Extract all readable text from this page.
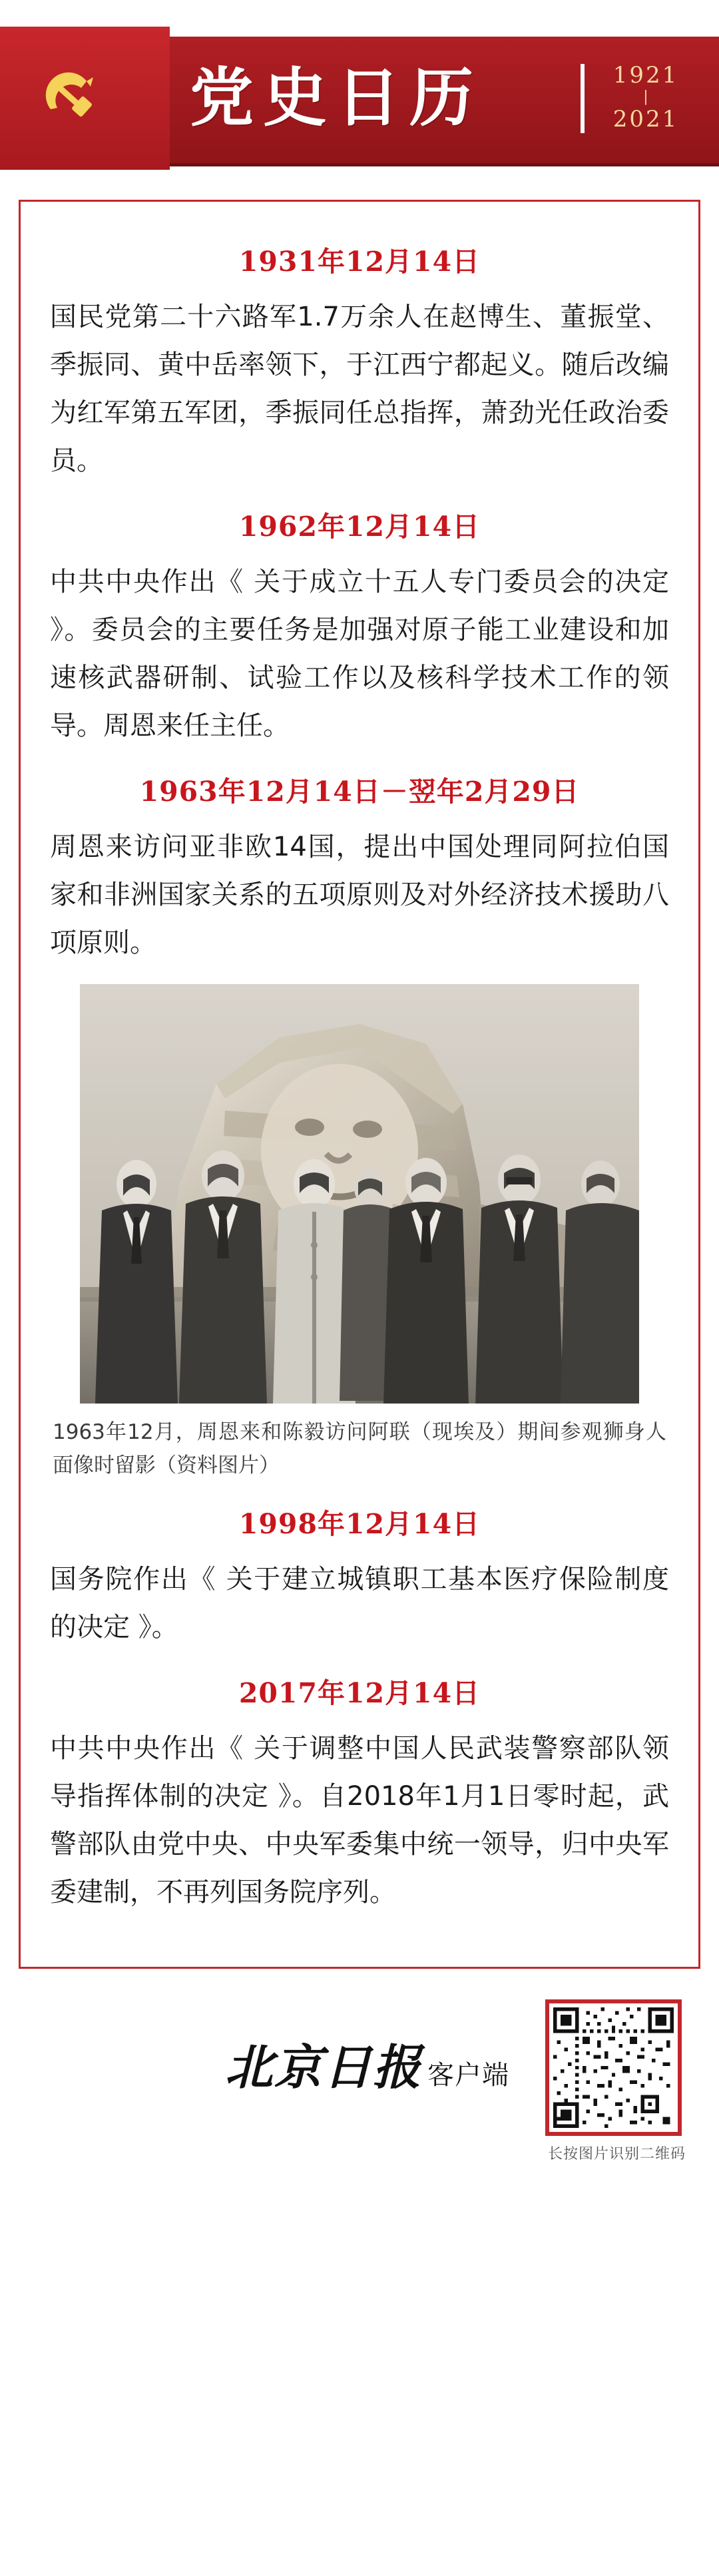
党史日历	1921
|
2021
1931年12月14日
国民党第二十六路军1.7万余人在赵博生、董振堂、季振同、黄中岳率领下，于江西宁都起义。随后改编为红军第五军团，季振同任总指挥，萧劲光任政治委员。
1962年12月14日
中共中央作出《 关于成立十五人专门委员会的决定 》。委员会的主要任务是加强对原子能工业建设和加速核武器研制、试验工作以及核科学技术工作的领导。周恩来任主任。
1963年12月14日－翌年2月29日
周恩来访问亚非欧14国，提出中国处理同阿拉伯国家和非洲国家关系的五项原则及对外经济技术援助八项原则。
1963年12月，周恩来和陈毅访问阿联（现埃及）期间参观狮身人面像时留影（资料图片）
1998年12月14日
国务院作出《 关于建立城镇职工基本医疗保险制度的决定 》。
2017年12月14日
中共中央作出《 关于调整中国人民武装警察部队领导指挥体制的决定 》。自2018年1月1日零时起，武警部队由党中央、中央军委集中统一领导，归中央军委建制，不再列国务院序列。
北京日报 客户端
长按图片识别二维码
